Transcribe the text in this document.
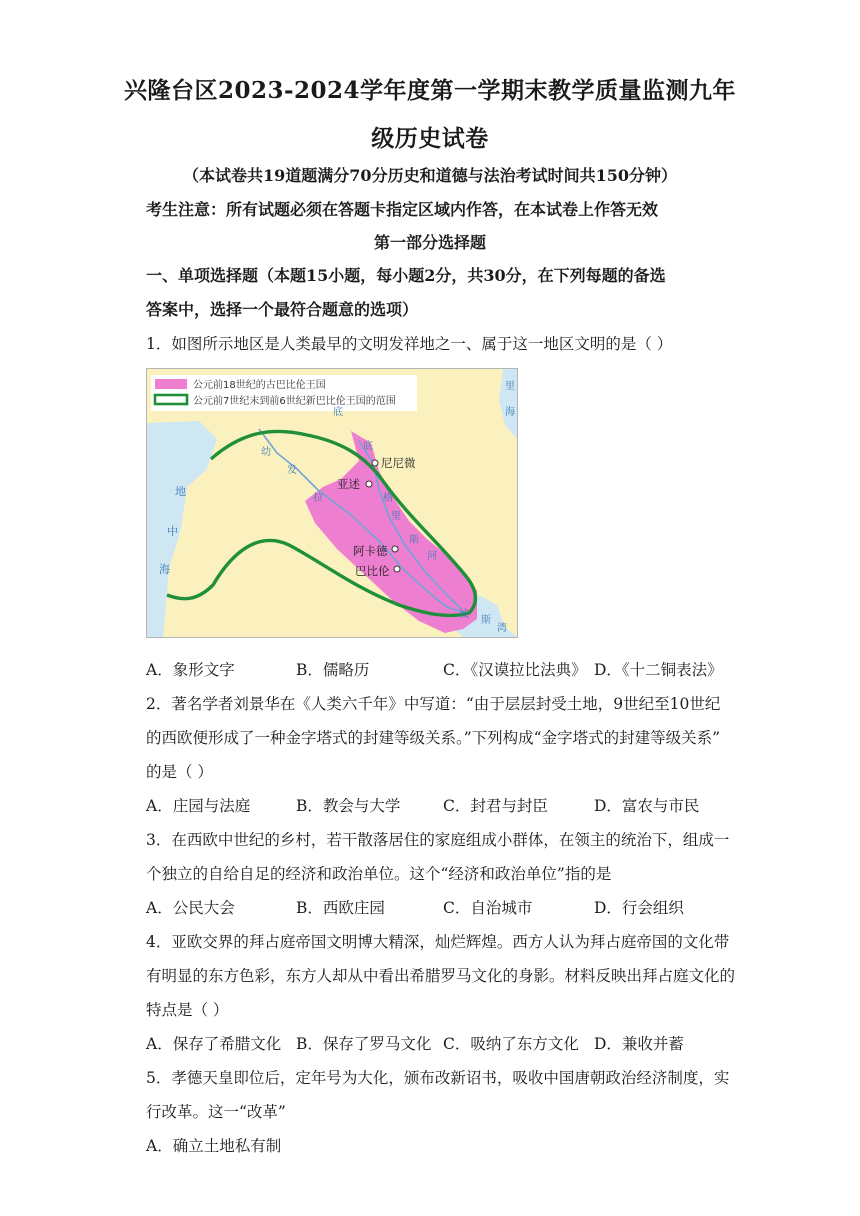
兴隆台区2023-2024学年度第一学期末教学质量监测九年
级历史试卷
（本试卷共19道题满分70分历史和道德与法治考试时间共150分钟）
考生注意：所有试题必须在答题卡指定区域内作答，在本试卷上作答无效
第一部分选择题
一、单项选择题（本题15小题，每小题2分，共30分，在下列每题的备选
答案中，选择一个最符合题意的选项）
1．如图所示地区是人类最早的文明发祥地之一、属于这一地区文明的是（ ）
公元前18世纪的古巴比伦王国
公元前7世纪末到前6世纪新巴比伦王国的范围
尼尼微
亚述
阿卡德
巴比伦
地
中
海
幼
发
拉
底
底
格
里
斯
河
波
斯
湾
里
海
A．象形文字	B．儒略历	C．《汉谟拉比法典》 D．《十二铜表法》
2．著名学者刘景华在《人类六千年》中写道：“由于层层封受土地，9世纪至10世纪
的西欧便形成了一种金字塔式的封建等级关系。”下列构成“金字塔式的封建等级关系”
的是（ ）
A．庄园与法庭	B．教会与大学	C．封君与封臣	D．富农与市民
3．在西欧中世纪的乡村，若干散落居住的家庭组成小群体，在领主的统治下，组成一
个独立的自给自足的经济和政治单位。这个“经济和政治单位”指的是
A．公民大会	B．西欧庄园	C．自治城市	D．行会组织
4．亚欧交界的拜占庭帝国文明博大精深，灿烂辉煌。西方人认为拜占庭帝国的文化带
有明显的东方色彩，东方人却从中看出希腊罗马文化的身影。材料反映出拜占庭文化的
特点是（ ）
A．保存了希腊文化 B．保存了罗马文化 C．吸纳了东方文化 D．兼收并蓄
5．孝德天皇即位后，定年号为大化，颁布改新诏书，吸收中国唐朝政治经济制度，实
行改革。这一“改革”
A．确立土地私有制
